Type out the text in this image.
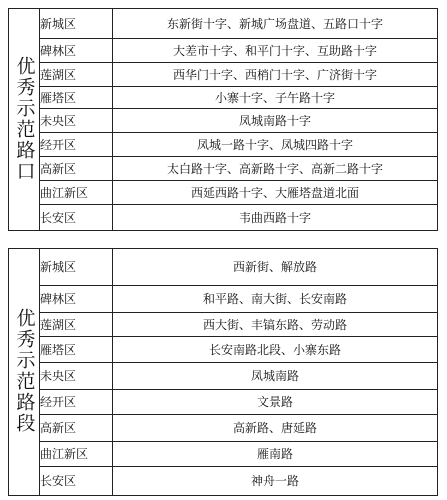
优秀示范路口	新城区	东新街十字、新城广场盘道、五路口十字
	碑林区	大差市十字、和平门十字、互助路十字
	莲湖区	西华门十字、西梢门十字、广济街十字
	雁塔区	小寨十字、子午路十字
	未央区	凤城南路十字
	经开区	凤城一路十字、凤城四路十字
	高新区	太白路十字、高新路十字、高新二路十字
	曲江新区	西延西路十字、大雁塔盘道北面
	长安区	韦曲西路十字
优秀示范路段	新城区	西新街、解放路
	碑林区	和平路、南大街、长安南路
	莲湖区	西大街、丰镐东路、劳动路
	雁塔区	长安南路北段、小寨东路
	未央区	凤城南路
	经开区	文景路
	高新区	高新路、唐延路
	曲江新区	雁南路
	长安区	神舟一路
